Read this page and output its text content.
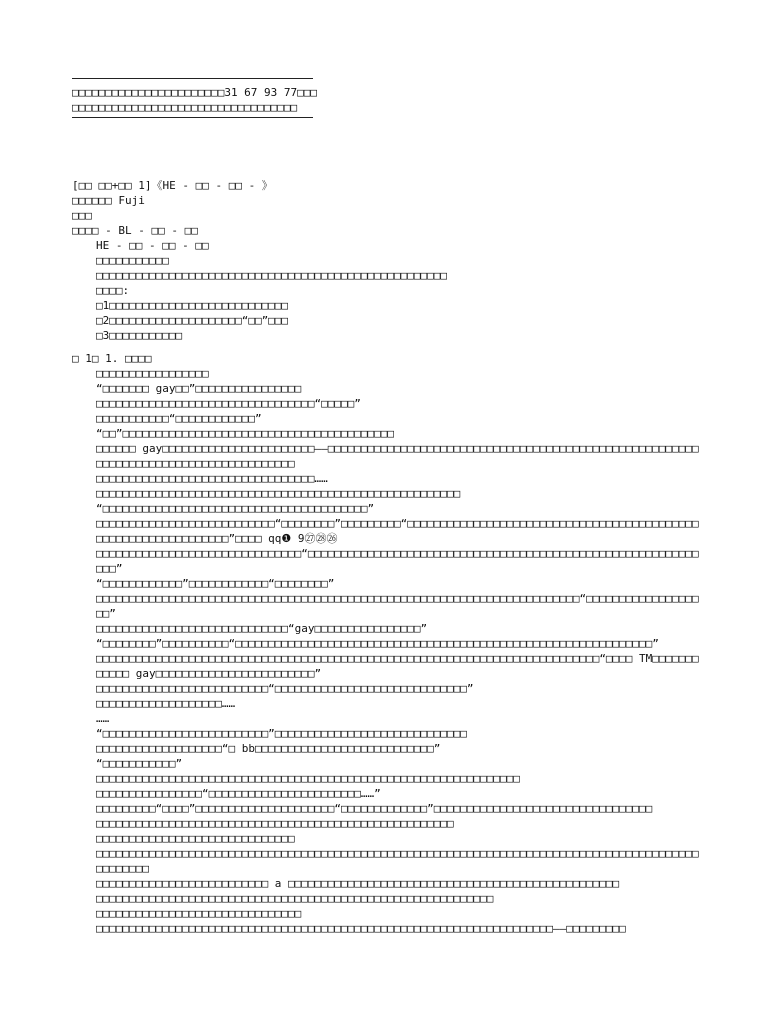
□□□□□□□□□□□□□□□□□□□□□□□31 67 93 77□□□
□□□□□□□□□□□□□□□□□□□□□□□□□□□□□□□□□□
[□□ □□+□□ 1]《HE - □□ - □□ - 》
□□□□□□ Fuji
□□□
□□□□ - BL - □□ - □□
HE - □□ - □□ - □□
□□□□□□□□□□□
□□□□□□□□□□□□□□□□□□□□□□□□□□□□□□□□□□□□□□□□□□□□□□□□□□□□□
□□□□:
□1□□□□□□□□□□□□□□□□□□□□□□□□□□□
□2□□□□□□□□□□□□□□□□□□□□“□□”□□□
□3□□□□□□□□□□□
□ 1□ 1. □□□□
□□□□□□□□□□□□□□□□□
“□□□□□□□ gay□□”□□□□□□□□□□□□□□□□
□□□□□□□□□□□□□□□□□□□□□□□□□□□□□□□□□“□□□□□”
□□□□□□□□□□□“□□□□□□□□□□□□”
“□□”□□□□□□□□□□□□□□□□□□□□□□□□□□□□□□□□□□□□□□□□□
□□□□□□ gay□□□□□□□□□□□□□□□□□□□□□□□——□□□□□□□□□□□□□□□□□□□□□□□□□□□□□□□□□□□□□□□□□□□□□□□□□□□□□□□□□□□□□□□□□□□□□□□□□□□□□□□□□□□□□□
□□□□□□□□□□□□□□□□□□□□□□□□□□□□□□□□□……
□□□□□□□□□□□□□□□□□□□□□□□□□□□□□□□□□□□□□□□□□□□□□□□□□□□□□□□
“□□□□□□□□□□□□□□□□□□□□□□□□□□□□□□□□□□□□□□□□”
□□□□□□□□□□□□□□□□□□□□□□□□□□□“□□□□□□□□”□□□□□□□□□“□□□□□□□□□□□□□□□□□□□□□□□□□□□□□□□□□□□□□□□□□□□□□□□□□□□□□□□□□□□□□□□□”□□□□ qq❶ 9㉗㉘㉖
□□□□□□□□□□□□□□□□□□□□□□□□□□□□□□□“□□□□□□□□□□□□□□□□□□□□□□□□□□□□□□□□□□□□□□□□□□□□□□□□□□□□□□□□□□□□□□”
“□□□□□□□□□□□□”□□□□□□□□□□□□“□□□□□□□□”
□□□□□□□□□□□□□□□□□□□□□□□□□□□□□□□□□□□□□□□□□□□□□□□□□□□□□□□□□□□□□□□□□□□□□□□□□“□□□□□□□□□□□□□□□□□□□”
□□□□□□□□□□□□□□□□□□□□□□□□□□□□□“gay□□□□□□□□□□□□□□□□”
“□□□□□□□□”□□□□□□□□□□“□□□□□□□□□□□□□□□□□□□□□□□□□□□□□□□□□□□□□□□□□□□□□□□□□□□□□□□□□□□□□□□”
□□□□□□□□□□□□□□□□□□□□□□□□□□□□□□□□□□□□□□□□□□□□□□□□□□□□□□□□□□□□□□□□□□□□□□□□□□□□“□□□□ TM□□□□□□□□□□□□ gay□□□□□□□□□□□□□□□□□□□□□□□□”
□□□□□□□□□□□□□□□□□□□□□□□□□□“□□□□□□□□□□□□□□□□□□□□□□□□□□□□□”
□□□□□□□□□□□□□□□□□□□……
……
“□□□□□□□□□□□□□□□□□□□□□□□□□”□□□□□□□□□□□□□□□□□□□□□□□□□□□□□
□□□□□□□□□□□□□□□□□□□“□ bb□□□□□□□□□□□□□□□□□□□□□□□□□□□”
“□□□□□□□□□□□”
□□□□□□□□□□□□□□□□□□□□□□□□□□□□□□□□□□□□□□□□□□□□□□□□□□□□□□□□□□□□□□□□
□□□□□□□□□□□□□□□□“□□□□□□□□□□□□□□□□□□□□□□□……”
□□□□□□□□□“□□□□”□□□□□□□□□□□□□□□□□□□□□“□□□□□□□□□□□□□”□□□□□□□□□□□□□□□□□□□□□□□□□□□□□□□□□
□□□□□□□□□□□□□□□□□□□□□□□□□□□□□□□□□□□□□□□□□□□□□□□□□□□□□□
□□□□□□□□□□□□□□□□□□□□□□□□□□□□□□
□□□□□□□□□□□□□□□□□□□□□□□□□□□□□□□□□□□□□□□□□□□□□□□□□□□□□□□□□□□□□□□□□□□□□□□□□□□□□□□□□□□□□□□□□□□□□□□□□□□
□□□□□□□□□□□□□□□□□□□□□□□□□□ a □□□□□□□□□□□□□□□□□□□□□□□□□□□□□□□□□□□□□□□□□□□□□□□□□□
□□□□□□□□□□□□□□□□□□□□□□□□□□□□□□□□□□□□□□□□□□□□□□□□□□□□□□□□□□□□
□□□□□□□□□□□□□□□□□□□□□□□□□□□□□□□
□□□□□□□□□□□□□□□□□□□□□□□□□□□□□□□□□□□□□□□□□□□□□□□□□□□□□□□□□□□□□□□□□□□□□——□□□□□□□□□
